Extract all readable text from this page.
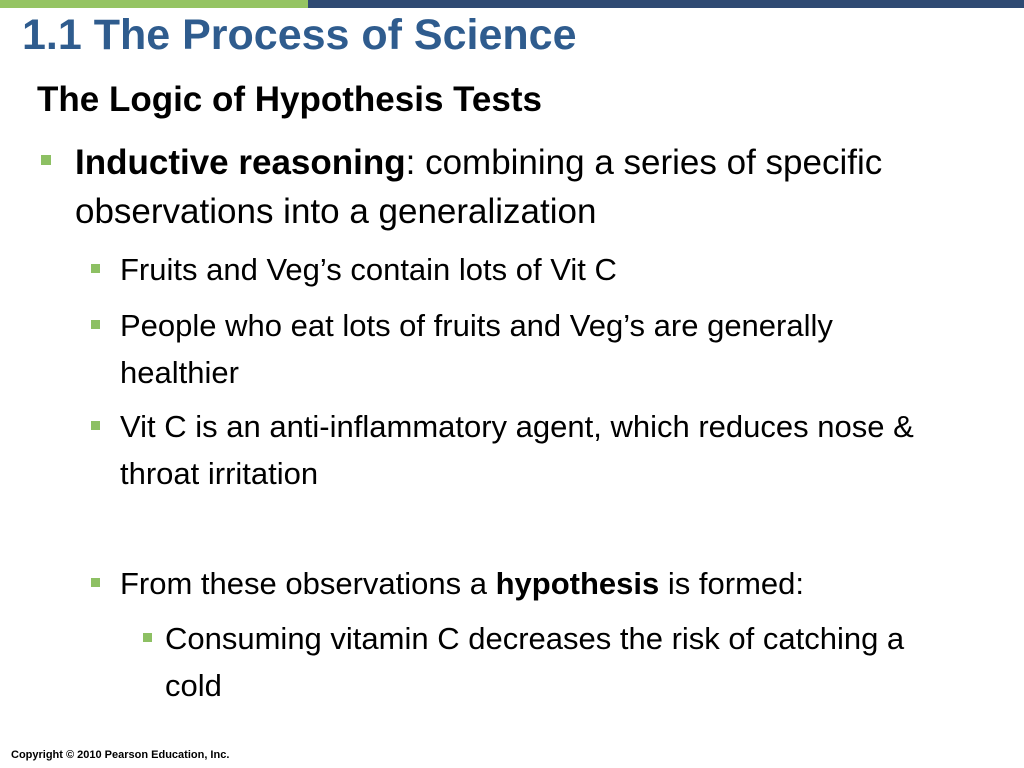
1.1 The Process of Science
The Logic of Hypothesis Tests

Inductive reasoning: combining a series of specific observations into a generalization

Fruits and Veg’s contain lots of Vit C

People who eat lots of fruits and Veg’s are generally healthier

Vit C is an anti-inflammatory agent, which reduces nose & throat irritation

From these observations a hypothesis is formed:

Consuming vitamin C decreases the risk of catching a cold

Copyright © 2010 Pearson Education, Inc.
